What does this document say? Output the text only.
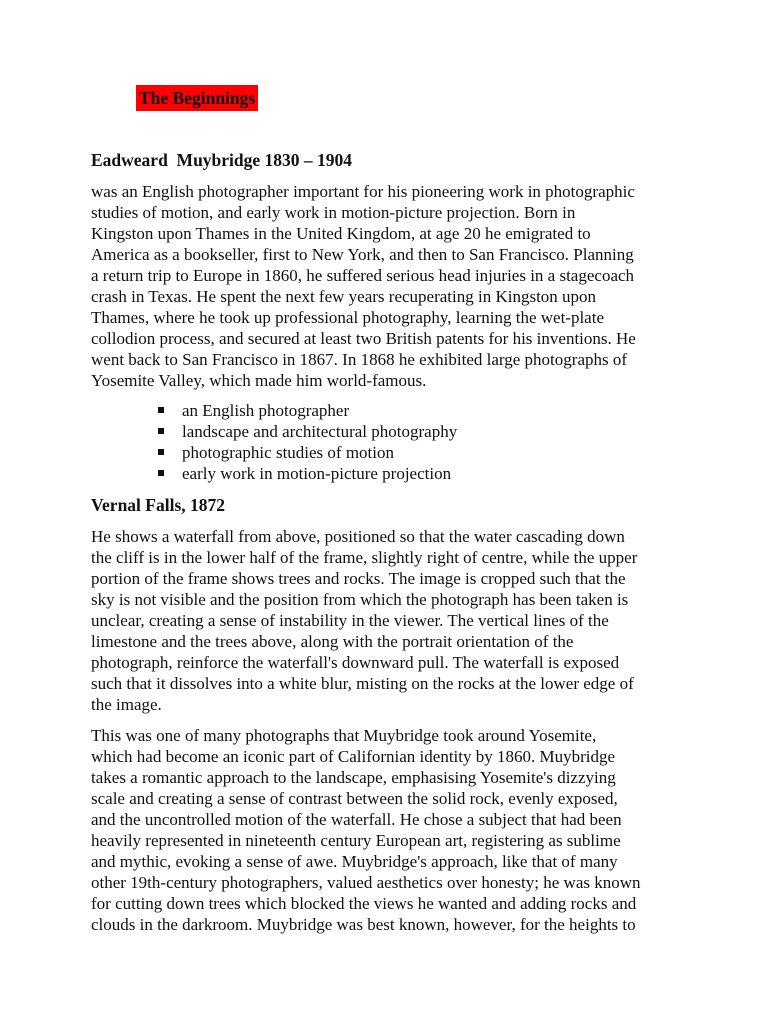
The Beginnings
Eadweard  Muybridge 1830 – 1904
was an English photographer important for his pioneering work in photographic
studies of motion, and early work in motion-picture projection. Born in
Kingston upon Thames in the United Kingdom, at age 20 he emigrated to
America as a bookseller, first to New York, and then to San Francisco. Planning
a return trip to Europe in 1860, he suffered serious head injuries in a stagecoach
crash in Texas. He spent the next few years recuperating in Kingston upon
Thames, where he took up professional photography, learning the wet-plate
collodion process, and secured at least two British patents for his inventions. He
went back to San Francisco in 1867. In 1868 he exhibited large photographs of
Yosemite Valley, which made him world-famous.
an English photographer
landscape and architectural photography
photographic studies of motion
early work in motion-picture projection
Vernal Falls, 1872
He shows a waterfall from above, positioned so that the water cascading down
the cliff is in the lower half of the frame, slightly right of centre, while the upper
portion of the frame shows trees and rocks. The image is cropped such that the
sky is not visible and the position from which the photograph has been taken is
unclear, creating a sense of instability in the viewer. The vertical lines of the
limestone and the trees above, along with the portrait orientation of the
photograph, reinforce the waterfall's downward pull. The waterfall is exposed
such that it dissolves into a white blur, misting on the rocks at the lower edge of
the image.
This was one of many photographs that Muybridge took around Yosemite,
which had become an iconic part of Californian identity by 1860. Muybridge
takes a romantic approach to the landscape, emphasising Yosemite's dizzying
scale and creating a sense of contrast between the solid rock, evenly exposed,
and the uncontrolled motion of the waterfall. He chose a subject that had been
heavily represented in nineteenth century European art, registering as sublime
and mythic, evoking a sense of awe. Muybridge's approach, like that of many
other 19th-century photographers, valued aesthetics over honesty; he was known
for cutting down trees which blocked the views he wanted and adding rocks and
clouds in the darkroom. Muybridge was best known, however, for the heights to
